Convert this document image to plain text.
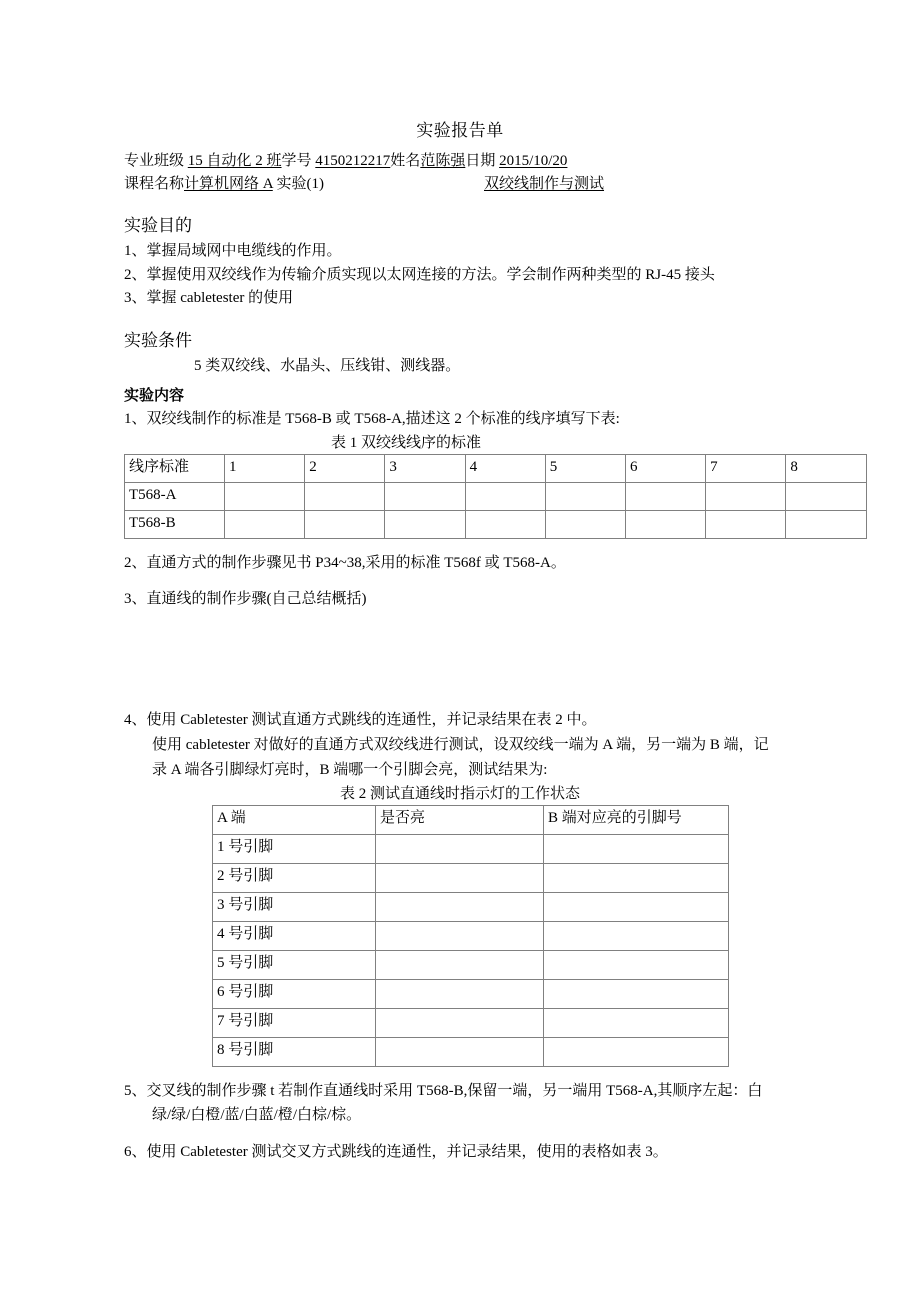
实验报告单
专业班级 15 自动化 2 班学号 4150212217姓名范陈强日期 2015/10/20
课程名称计算机网络 A 实验(1)	双绞线制作与测试
实验目的

1、掌握局域网中电缆线的作用。

2、掌握使用双绞线作为传输介质实现以太网连接的方法。学会制作两种类型的 RJ-45 接头

3、掌握 cabletester 的使用

实验条件

5 类双绞线、水晶头、压线钳、测线器。

实验内容

1、双绞线制作的标准是 T568-B 或 T568-A,描述这 2 个标准的线序填写下表:

表 1 双绞线线序的标准
线序标准	1	2	3	4	5	6	7	8
T568-A								
T568-B								

2、直通方式的制作步骤见书 P34~38,采用的标准 T568f 或 T568-A。

3、直通线的制作步骤(自己总结概括)

4、使用 Cabletester 测试直通方式跳线的连通性，并记录结果在表 2 中。

使用 cabletester 对做好的直通方式双绞线进行测试，设双绞线一端为 A 端，另一端为 B 端，记

录 A 端各引脚绿灯亮时，B 端哪一个引脚会亮，测试结果为:

表 2 测试直通线时指示灯的工作状态
A 端	是否亮	B 端对应亮的引脚号
1 号引脚		
2 号引脚		
3 号引脚		
4 号引脚		
5 号引脚		
6 号引脚		
7 号引脚		
8 号引脚		

5、交叉线的制作步骤 t 若制作直通线时采用 T568-B,保留一端，另一端用 T568-A,其顺序左起：白

绿/绿/白橙/蓝/白蓝/橙/白棕/棕。

6、使用 Cabletester 测试交叉方式跳线的连通性，并记录结果，使用的表格如表 3。
